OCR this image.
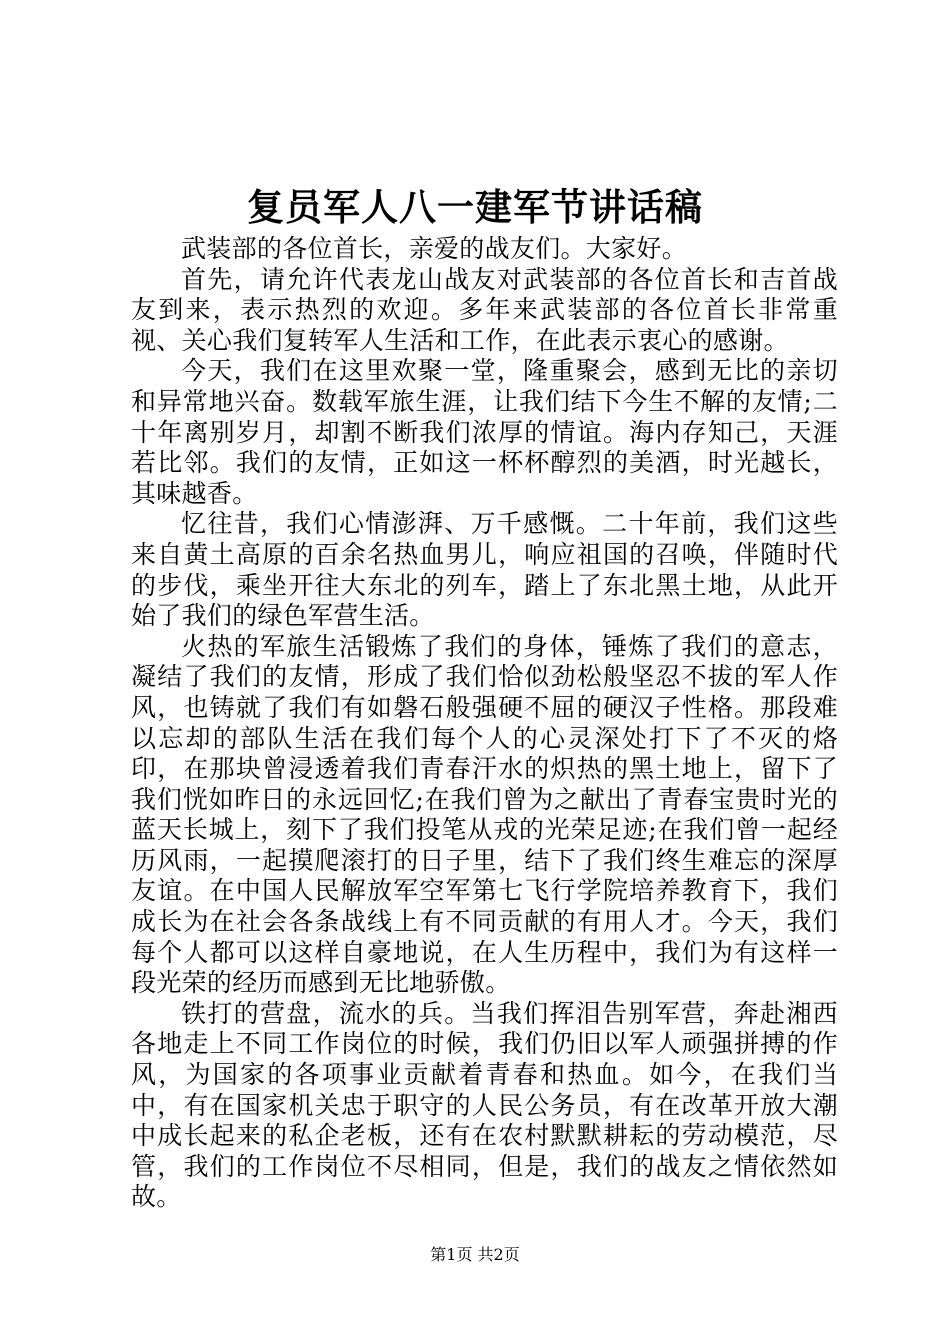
复员军人八一建军节讲话稿

武装部的各位首长，亲爱的战友们。大家好。

首先，请允许代表龙山战友对武装部的各位首长和吉首战友到来，表示热烈的欢迎。多年来武装部的各位首长非常重视、关心我们复转军人生活和工作，在此表示衷心的感谢。

今天，我们在这里欢聚一堂，隆重聚会，感到无比的亲切和异常地兴奋。数载军旅生涯，让我们结下今生不解的友情;二十年离别岁月，却割不断我们浓厚的情谊。海内存知己，天涯若比邻。我们的友情，正如这一杯杯醇烈的美酒，时光越长，其味越香。

忆往昔，我们心情澎湃、万千感慨。二十年前，我们这些来自黄土高原的百余名热血男儿，响应祖国的召唤，伴随时代的步伐，乘坐开往大东北的列车，踏上了东北黑土地，从此开始了我们的绿色军营生活。

火热的军旅生活锻炼了我们的身体，锤炼了我们的意志，凝结了我们的友情，形成了我们恰似劲松般坚忍不拔的军人作风，也铸就了我们有如磐石般强硬不屈的硬汉子性格。那段难以忘却的部队生活在我们每个人的心灵深处打下了不灭的烙印，在那块曾浸透着我们青春汗水的炽热的黑土地上，留下了我们恍如昨日的永远回忆;在我们曾为之献出了青春宝贵时光的蓝天长城上，刻下了我们投笔从戎的光荣足迹;在我们曾一起经历风雨，一起摸爬滚打的日子里，结下了我们终生难忘的深厚友谊。在中国人民解放军空军第七飞行学院培养教育下，我们成长为在社会各条战线上有不同贡献的有用人才。今天，我们每个人都可以这样自豪地说，在人生历程中，我们为有这样一段光荣的经历而感到无比地骄傲。

铁打的营盘，流水的兵。当我们挥泪告别军营，奔赴湘西各地走上不同工作岗位的时候，我们仍旧以军人顽强拼搏的作风，为国家的各项事业贡献着青春和热血。如今，在我们当中，有在国家机关忠于职守的人民公务员，有在改革开放大潮中成长起来的私企老板，还有在农村默默耕耘的劳动模范，尽管，我们的工作岗位不尽相同，但是，我们的战友之情依然如故。

第1页 共2页
